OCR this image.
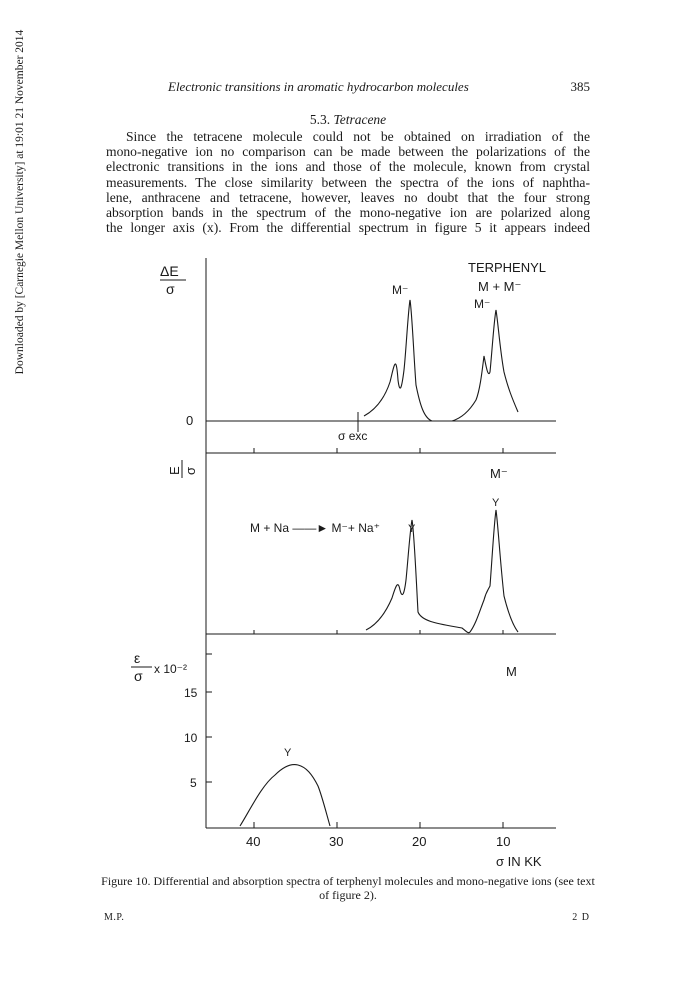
Electronic transitions in aromatic hydrocarbon molecules	385
5.3. Tetracene
Since the tetracene molecule could not be obtained on irradiation of the
mono-negative ion no comparison can be made between the polarizations of the
electronic transitions in the ions and those of the molecule, known from crystal
measurements. The close similarity between the spectra of the ions of naphtha-
lene, anthracene and tetracene, however, leaves no doubt that the four strong
absorption bands in the spectrum of the mono-negative ion are polarized along
the longer axis (x). From the differential spectrum in figure 5 it appears indeed
Downloaded by [Carnegie Mellon University] at 19:01 21 November 2014	ΔE
σ
0
σ exc
TERPHENYL
M⁻	M + M⁻
M⁻
E σ	M⁻
M + Na ——► M⁻+ Na⁺	Y
Y
ε
σ x 10⁻²	M
Y
15
10
5
40	30	20	10
σ IN KK
Figure 10. Differential and absorption spectra of terphenyl molecules and mono-negative ions (see text of figure 2).
M.P.	2 D
